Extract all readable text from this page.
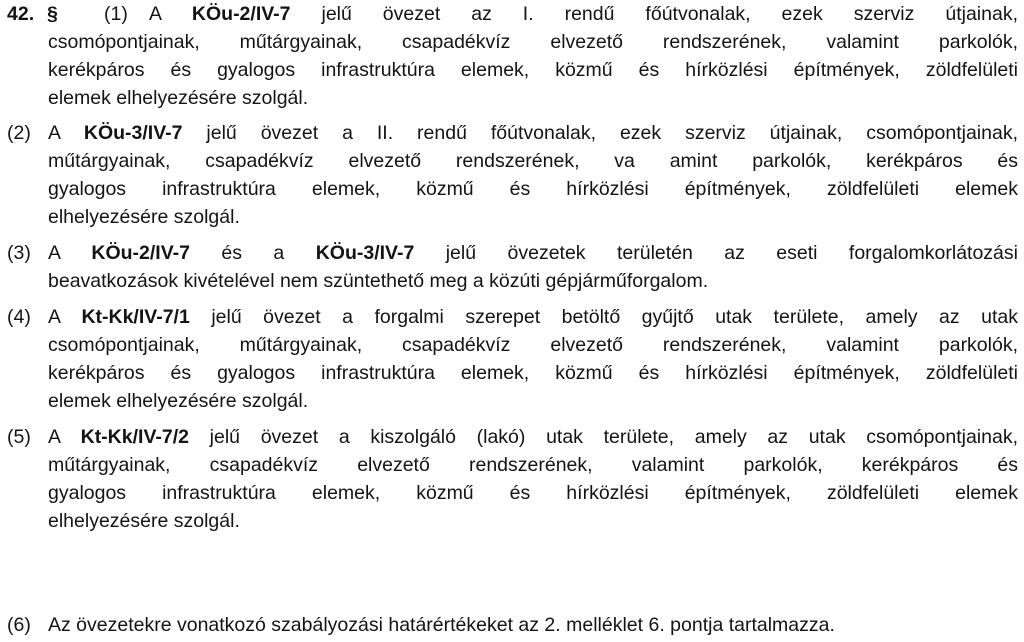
42. § (1) A KÖu-2/IV-7 jelű övezet az I. rendű főútvonalak, ezek szerviz útjainak,
csomópontjainak, műtárgyainak, csapadékvíz elvezető rendszerének, valamint parkolók,
kerékpáros és gyalogos infrastruktúra elemek, közmű és hírközlési építmények, zöldfelületi
elemek elhelyezésére szolgál.
(2) A KÖu-3/IV-7 jelű övezet a II. rendű főútvonalak, ezek szerviz útjainak, csomópontjainak,
műtárgyainak, csapadékvíz elvezető rendszerének, va amint parkolók, kerékpáros és
gyalogos infrastruktúra elemek, közmű és hírközlési építmények, zöldfelületi elemek
elhelyezésére szolgál.
(3) A KÖu-2/IV-7 és a KÖu-3/IV-7 jelű övezetek területén az eseti forgalomkorlátozási
beavatkozások kivételével nem szüntethető meg a közúti gépjárműforgalom.
(4) A Kt-Kk/IV-7/1 jelű övezet a forgalmi szerepet betöltő gyűjtő utak területe, amely az utak
csomópontjainak, műtárgyainak, csapadékvíz elvezető rendszerének, valamint parkolók,
kerékpáros és gyalogos infrastruktúra elemek, közmű és hírközlési építmények, zöldfelületi
elemek elhelyezésére szolgál.
(5) A Kt-Kk/IV-7/2 jelű övezet a kiszolgáló (lakó) utak területe, amely az utak csomópontjainak,
műtárgyainak, csapadékvíz elvezető rendszerének, valamint parkolók, kerékpáros és
gyalogos infrastruktúra elemek, közmű és hírközlési építmények, zöldfelületi elemek
elhelyezésére szolgál.
(6) Az övezetekre vonatkozó szabályozási határértékeket az 2. melléklet 6. pontja tartalmazza.
